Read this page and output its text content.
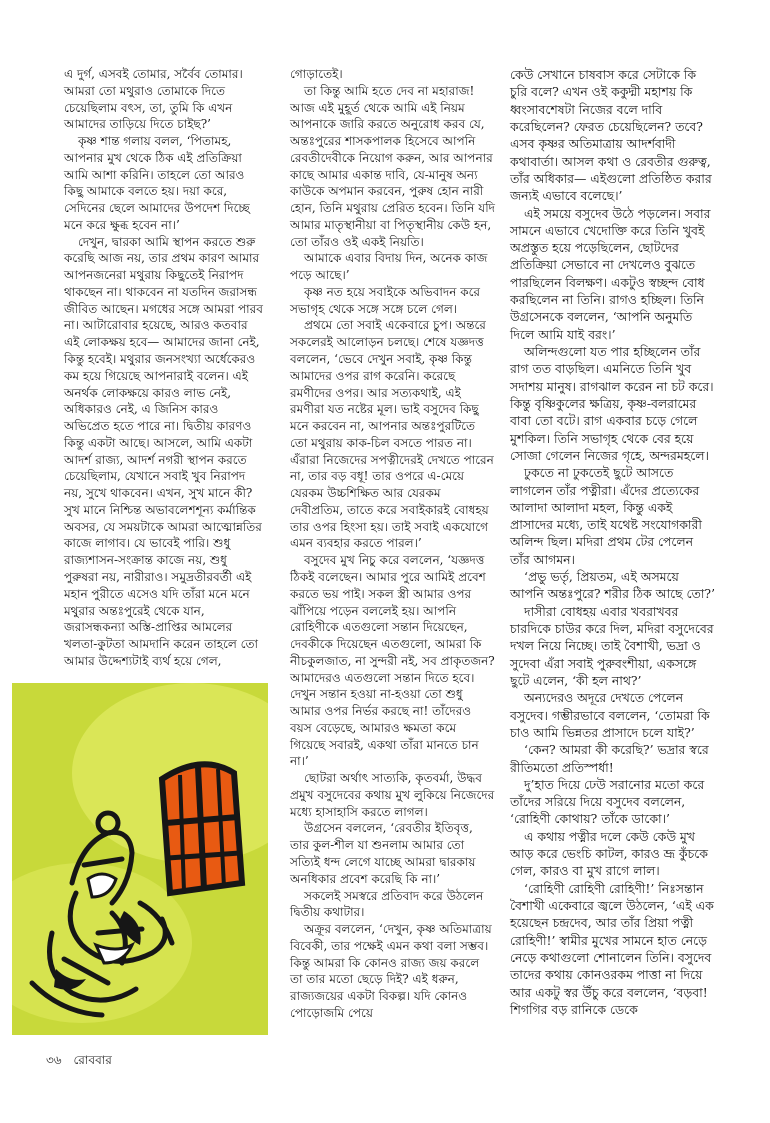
এ দুর্গ, এসবই তোমার, সর্বৈব তোমার। আমরা তো মথুরাও তোমাকে দিতে চেয়েছিলাম বৎস, তা, তুমি কি এখন আমাদের তাড়িয়ে দিতে চাইছ?’

কৃষ্ণ শান্ত গলায় বলল, ‘পিতামহ, আপনার মুখ থেকে ঠিক এই প্রতিক্রিয়া আমি আশা করিনি। তাহলে তো আরও কিছু আমাকে বলতে হয়। দয়া করে, সেদিনের ছেলে আমাদের উপদেশ দিচ্ছে মনে করে ক্ষুব্ধ হবেন না।’

দেখুন, দ্বারকা আমি স্থাপন করতে শুরু করেছি আজ নয়, তার প্রথম কারণ আমার আপনজনেরা মথুরায় কিছুতেই নিরাপদ থাকছেন না। থাকবেন না যতদিন জরাসন্ধ জীবিত আছেন। মগধের সঙ্গে আমরা পারব না। আটারোবার হয়েছে, আরও কতবার এই লোকক্ষয় হবে— আমাদের জানা নেই, কিন্তু হবেই। মথুরার জনসংখ্যা অর্ধেকেরও কম হয়ে গিয়েছে আপনারাই বলেন। এই অনর্থক লোকক্ষয়ে কারও লাভ নেই, অধিকারও নেই, এ জিনিস কারও অভিপ্রেত হতে পারে না। দ্বিতীয় কারণও কিন্তু একটা আছে। আসলে, আমি একটা আদর্শ রাজ্য, আদর্শ নগরী স্থাপন করতে চেয়েছিলাম, যেখানে সবাই খুব নিরাপদ নয়, সুখে থাকবেন। এখন, সুখ মানে কী? সুখ মানে নিশ্চিন্ত অভাবলেশশূন্য কর্মান্তিক অবসর, যে সময়টাকে আমরা আত্মোন্নতির কাজে লাগাব। যে ভাবেই পারি। শুধু রাজ্যশাসন-সংক্রান্ত কাজে নয়, শুধু পুরুষরা নয়, নারীরাও। সমুদ্রতীরবর্তী এই মহান পুরীতে এসেও যদি তাঁরা মনে মনে মথুরার অন্তঃপুরেই থেকে যান, জরাসন্ধকন্যা অস্তি-প্রাপ্তির আমলের খলতা-কুটতা আমদানি করেন তাহলে তো আমার উদ্দেশ্যটাই ব্যর্থ হয়ে গেল,

গোড়াতেই।

তা কিন্তু আমি হতে দেব না মহারাজ! আজ এই মুহূর্ত থেকে আমি এই নিয়ম আপনাকে জারি করতে অনুরোধ করব যে, অন্তঃপুরের শাসকপালক হিসেবে আপনি রেবতীদেবীকে নিয়োগ করুন, আর আপনার কাছে আমার একান্ত দাবি, যে-মানুষ অন্য কাউকে অপমান করবেন, পুরুষ হোন নারী হোন, তিনি মথুরায় প্রেরিত হবেন। তিনি যদি আমার মাতৃস্থানীয়া বা পিতৃস্থানীয় কেউ হন, তো তাঁরও ওই একই নিয়তি।

আমাকে এবার বিদায় দিন, অনেক কাজ পড়ে আছে।’

কৃষ্ণ নত হয়ে সবাইকে অভিবাদন করে সভাগৃহ থেকে সঙ্গে সঙ্গে চলে গেল।

প্রথমে তো সবাই একেবারে চুপ। অন্তরে সকলেরই আলোড়ন চলছে। শেষে যজ্ঞদত্ত বললেন, ‘ভেবে দেখুন সবাই, কৃষ্ণ কিন্তু আমাদের ওপর রাগ করেনি। করেছে রমণীদের ওপর। আর সত্যকথাই, এই রমণীরা যত নষ্টের মূল। ভাই বসুদেব কিছু মনে করবেন না, আপনার অন্তঃপুরটিতে তো মথুরায় কাক-চিল বসতে পারত না। এঁরারা নিজেদের সপত্নীদেরই দেখতে পারেন না, তার বড় বধূ! তার ওপরে এ-মেয়ে যেরকম উচ্চশিক্ষিত আর যেরকম দেবীপ্রতিম, তাতে করে সবাইকারই বোধহয় তার ওপর হিংসা হয়। তাই সবাই একযোগে এমন ব্যবহার করতে পারল।’

বসুদেব মুখ নিচু করে বললেন, ‘যজ্ঞদত্ত ঠিকই বলেছেন। আমার পুরে আমিই প্রবেশ করতে ভয় পাই। সকল স্ত্রী আমার ওপর ঝাঁপিয়ে পড়েন বললেই হয়। আপনি রোহিণীকে এতগুলো সন্তান দিয়েছেন, দেবকীকে দিয়েছেন এতগুলো, আমরা কি নীচকুলজাত, না সুন্দরী নই, সব প্রাকৃতজন? আমাদেরও এতগুলো সন্তান দিতে হবে। দেখুন সন্তান হওয়া না-হওয়া তো শুধু আমার ওপর নির্ভর করছে না! তাঁদেরও বয়স বেড়েছে, আমারও ক্ষমতা কমে গিয়েছে সবারই, একথা তাঁরা মানতে চান না।’

ছোটরা অর্থাৎ সাত্যকি, কৃতবর্মা, উদ্ধব প্রমুখ বসুদেবের কথায় মুখ লুকিয়ে নিজেদের মধ্যে হাসাহাসি করতে লাগল।

উগ্রসেন বললেন, ‘রেবতীর ইতিবৃত্ত, তার কুল-শীল যা শুনলাম আমার তো সত্যিই ধন্দ লেগে যাচ্ছে আমরা দ্বারকায় অনধিকার প্রবেশ করেছি কি না।’

সকলেই সমস্বরে প্রতিবাদ করে উঠলেন দ্বিতীয় কথাটার।

অক্রূর বললেন, ‘দেখুন, কৃষ্ণ অতিমাত্রায় বিবেকী, তার পক্ষেই এমন কথা বলা সম্ভব। কিন্তু আমরা কি কোনও রাজ্য জয় করলে তা তার মতো ছেড়ে দিই? এই ধরুন, রাজ্যজয়ের একটা বিকল্প। যদি কোনও পোড়োজমি পেয়ে

কেউ সেখানে চাষবাস করে সেটাকে কি চুরি বলে? এখন ওই ককুদ্মী মহাশয় কি ধ্বংসাবশেষটা নিজের বলে দাবি করেছিলেন? ফেরত চেয়েছিলেন? তবে? এসব কৃষ্ণর অতিমাত্রায় আদর্শবাদী কথাবার্তা। আসল কথা ও রেবতীর গুরুত্ব, তাঁর অধিকার— এইগুলো প্রতিষ্ঠিত করার জন্যই এভাবে বলেছে।’

এই সময়ে বসুদেব উঠে পড়লেন। সবার সামনে এভাবে খেদোক্তি করে তিনি খুবই অপ্রস্তুত হয়ে পড়েছিলেন, ছোটদের প্রতিক্রিয়া সেভাবে না দেখলেও বুঝতে পারছিলেন বিলক্ষণ। একটুও স্বচ্ছন্দ বোধ করছিলেন না তিনি। রাগও হচ্ছিল। তিনি উগ্রসেনকে বললেন, ‘আপনি অনুমতি দিলে আমি যাই বরং।’

অলিন্দগুলো যত পার হচ্ছিলেন তাঁর রাগ তত বাড়ছিল। এমনিতে তিনি খুব সদাশয় মানুষ। রাগঝাল করেন না চট করে। কিন্তু বৃষ্ণিকুলের ক্ষত্রিয়, কৃষ্ণ-বলরামের বাবা তো বটে। রাগ একবার চড়ে গেলে মুশকিল। তিনি সভাগৃহ থেকে বের হয়ে সোজা গেলেন নিজের গৃহে, অন্দরমহলে।

ঢুকতে না ঢুকতেই ছুটে আসতে লাগলেন তাঁর পত্নীরা। এঁদের প্রত্যেকের আলাদা আলাদা মহল, কিন্তু একই প্রাসাদের মধ্যে, তাই যথেষ্ট সংযোগকারী অলিন্দ ছিল। মদিরা প্রথম টের পেলেন তাঁর আগমন।

‘প্রভু ভর্তৃ, প্রিয়তম, এই অসময়ে আপনি অন্তঃপুরে? শরীর ঠিক আছে তো?’

দাসীরা বোধহয় এবার খবরাখবর চারদিকে চাউর করে দিল, মদিরা বসুদেবের দখল নিয়ে নিচ্ছে। তাই বৈশাখী, ভদ্রা ও সুদেবা এঁরা সবাই পুরুবংশীয়া, একসঙ্গে ছুটে এলেন, ‘কী হল নাথ?’

অন্যদেরও অদূরে দেখতে পেলেন বসুদেব। গম্ভীরভাবে বললেন, ‘তোমরা কি চাও আমি ভিন্নতর প্রাসাদে চলে যাই?’

‘কেন? আমরা কী করেছি?’ ভদ্রার স্বরে রীতিমতো প্রতিস্পর্ধা!

দু’হাত দিয়ে ঢেউ সরানোর মতো করে তাঁদের সরিয়ে দিয়ে বসুদেব বললেন, ‘রোহিণী কোথায়? তাঁকে ডাকো।’

এ কথায় পত্নীর দলে কেউ কেউ মুখ আড় করে ভেংচি কাটল, কারও ভ্রূ কুঁচকে গেল, কারও বা মুখ রাগে লাল।

‘রোহিণী রোহিণী রোহিণী!’ নিঃসন্তান বৈশাখী একেবারে জ্বলে উঠলেন, ‘এই এক হয়েছেন চন্দ্রদেব, আর তাঁর প্রিয়া পত্নী রোহিণী!’ স্বামীর মুখের সামনে হাত নেড়ে নেড়ে কথাগুলো শোনালেন তিনি। বসুদেব তাদের কথায় কোনওরকম পাত্তা না দিয়ে আর একটু স্বর উঁচু করে বললেন, ‘বড়বা! শিগগির বড় রানিকে ডেকে

৩৬ রোববার
